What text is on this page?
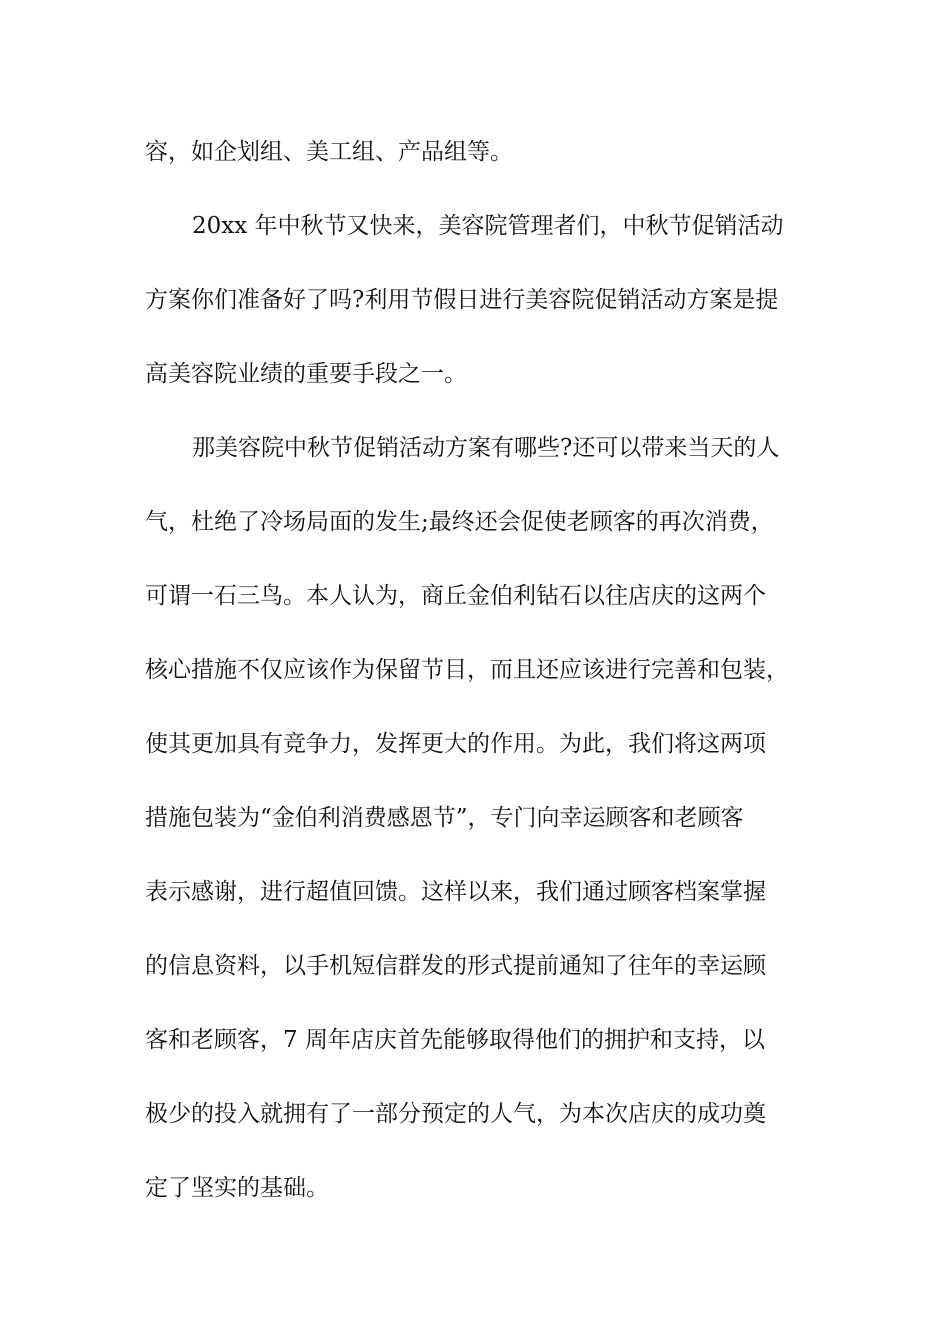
容，如企划组、美工组、产品组等。

20xx 年中秋节又快来，美容院管理者们，中秋节促销活动

方案你们准备好了吗?利用节假日进行美容院促销活动方案是提

高美容院业绩的重要手段之一。

那美容院中秋节促销活动方案有哪些?还可以带来当天的人

气，杜绝了冷场局面的发生;最终还会促使老顾客的再次消费，

可谓一石三鸟。本人认为，商丘金伯利钻石以往店庆的这两个

核心措施不仅应该作为保留节目，而且还应该进行完善和包装，

使其更加具有竞争力，发挥更大的作用。为此，我们将这两项

措施包装为“金伯利消费感恩节”，专门向幸运顾客和老顾客

表示感谢，进行超值回馈。这样以来，我们通过顾客档案掌握

的信息资料，以手机短信群发的形式提前通知了往年的幸运顾

客和老顾客，7 周年店庆首先能够取得他们的拥护和支持，以

极少的投入就拥有了一部分预定的人气，为本次店庆的成功奠

定了坚实的基础。
